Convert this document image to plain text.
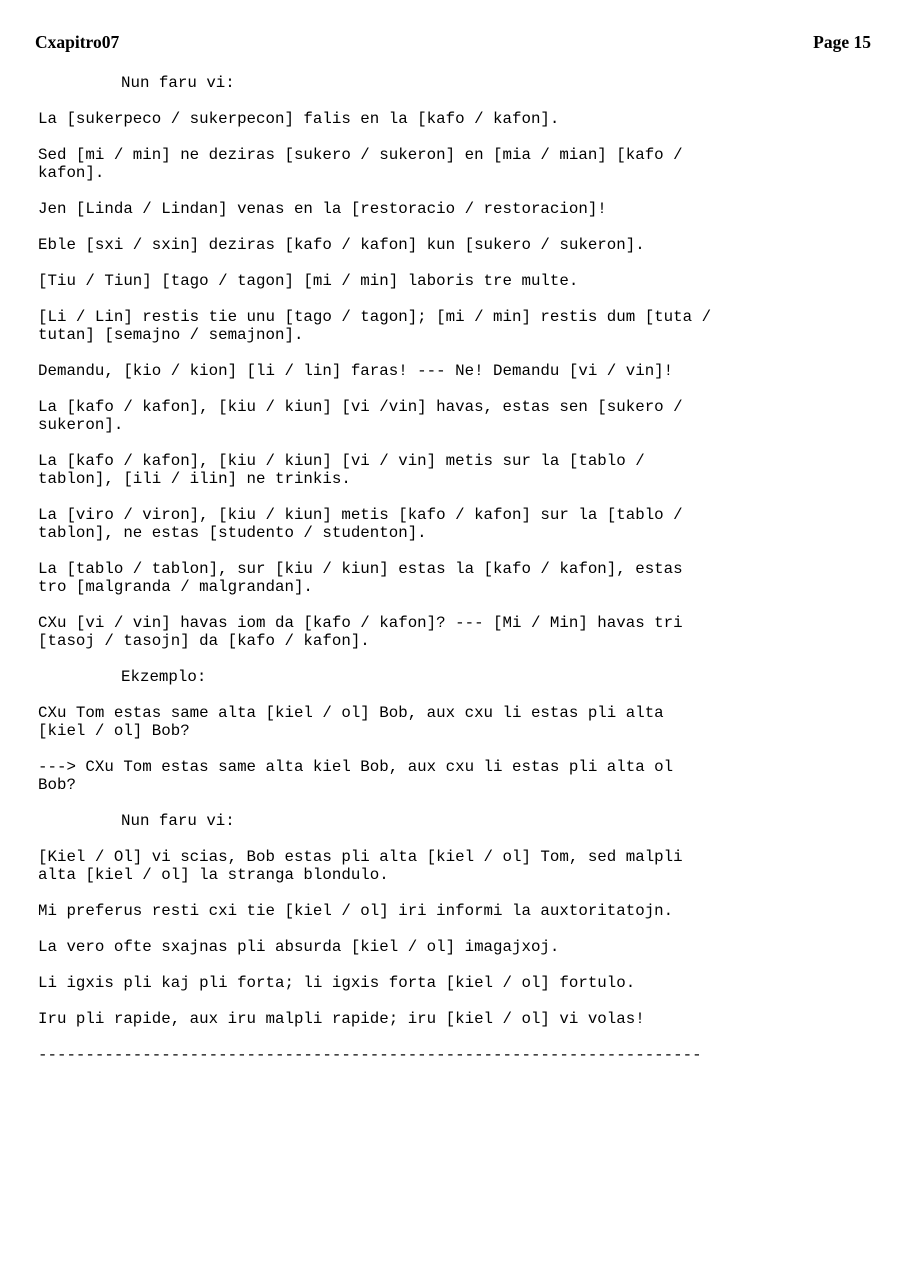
Cxapitro07	Page 15
Nun faru vi:
La [sukerpeco / sukerpecon] falis en la [kafo / kafon].
Sed [mi / min] ne deziras [sukero / sukeron] en [mia / mian] [kafo /
kafon].
Jen [Linda / Lindan] venas en la [restoracio / restoracion]!
Eble [sxi / sxin] deziras [kafo / kafon] kun [sukero / sukeron].
[Tiu / Tiun] [tago / tagon] [mi / min] laboris tre multe.
[Li / Lin] restis tie unu [tago / tagon]; [mi / min] restis dum [tuta /
tutan] [semajno / semajnon].
Demandu, [kio / kion] [li / lin] faras! --- Ne! Demandu [vi / vin]!
La [kafo / kafon], [kiu / kiun] [vi /vin] havas, estas sen [sukero /
sukeron].
La [kafo / kafon], [kiu / kiun] [vi / vin] metis sur la [tablo /
tablon], [ili / ilin] ne trinkis.
La [viro / viron], [kiu / kiun] metis [kafo / kafon] sur la [tablo /
tablon], ne estas [studento / studenton].
La [tablo / tablon], sur [kiu / kiun] estas la [kafo / kafon], estas
tro [malgranda / malgrandan].
CXu [vi / vin] havas iom da [kafo / kafon]? --- [Mi / Min] havas tri
[tasoj / tasojn] da [kafo / kafon].
Ekzemplo:
CXu Tom estas same alta [kiel / ol] Bob, aux cxu li estas pli alta
[kiel / ol] Bob?
---> CXu Tom estas same alta kiel Bob, aux cxu li estas pli alta ol
Bob?
Nun faru vi:
[Kiel / Ol] vi scias, Bob estas pli alta [kiel / ol] Tom, sed malpli
alta [kiel / ol] la stranga blondulo.
Mi preferus resti cxi tie [kiel / ol] iri informi la auxtoritatojn.
La vero ofte sxajnas pli absurda [kiel / ol] imagajxoj.
Li igxis pli kaj pli forta; li igxis forta [kiel / ol] fortulo.
Iru pli rapide, aux iru malpli rapide; iru [kiel / ol] vi volas!
----------------------------------------------------------------------
